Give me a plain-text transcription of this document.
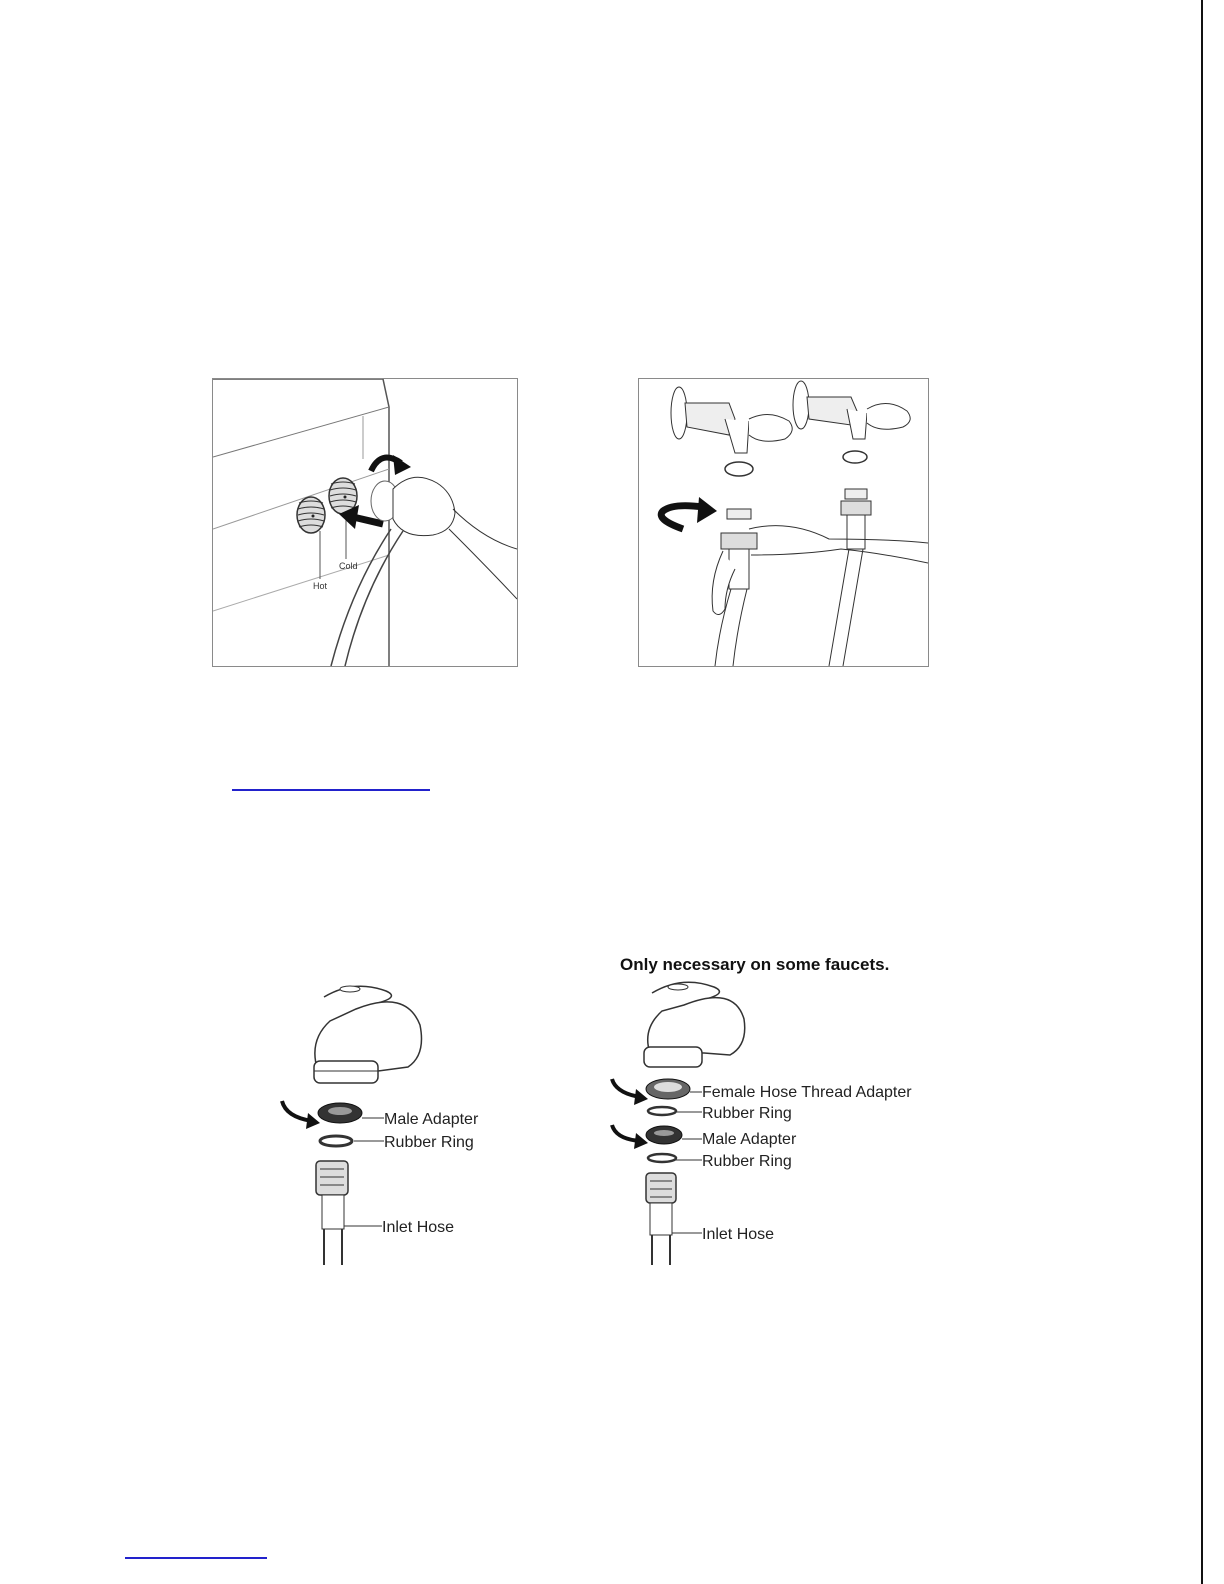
Hot
Cold
Male Adapter
Rubber Ring
Inlet Hose
Only necessary on some faucets.
Female Hose Thread Adapter
Rubber Ring
Male Adapter
Rubber Ring
Inlet Hose
